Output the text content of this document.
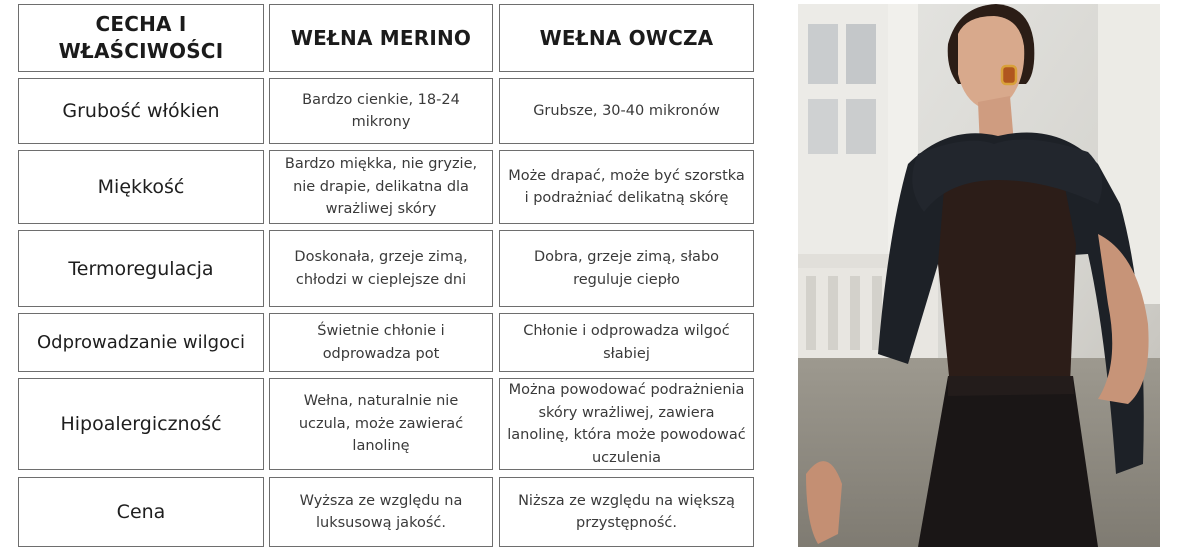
CECHA I WŁAŚCIWOŚCI
WEŁNA MERINO	WEŁNA OWCZA
Grubość włókien
Bardzo cienkie, 18-24 mikrony
Grubsze, 30-40 mikronów
Miękkość
Bardzo miękka, nie gryzie, nie drapie, delikatna dla wrażliwej skóry
Może drapać, może być szorstka i podrażniać delikatną skórę
Termoregulacja
Doskonała, grzeje zimą, chłodzi w cieplejsze dni
Dobra, grzeje zimą, słabo reguluje ciepło
Odprowadzanie wilgoci
Świetnie chłonie i odprowadza pot
Chłonie i odprowadza wilgoć słabiej
Hipoalergiczność
Wełna, naturalnie nie uczula, może zawierać lanolinę
Można powodować podrażnienia skóry wrażliwej, zawiera lanolinę, która może powodować uczulenia
Cena
Wyższa ze względu na luksusową jakość.
Niższa ze względu na większą przystępność.
